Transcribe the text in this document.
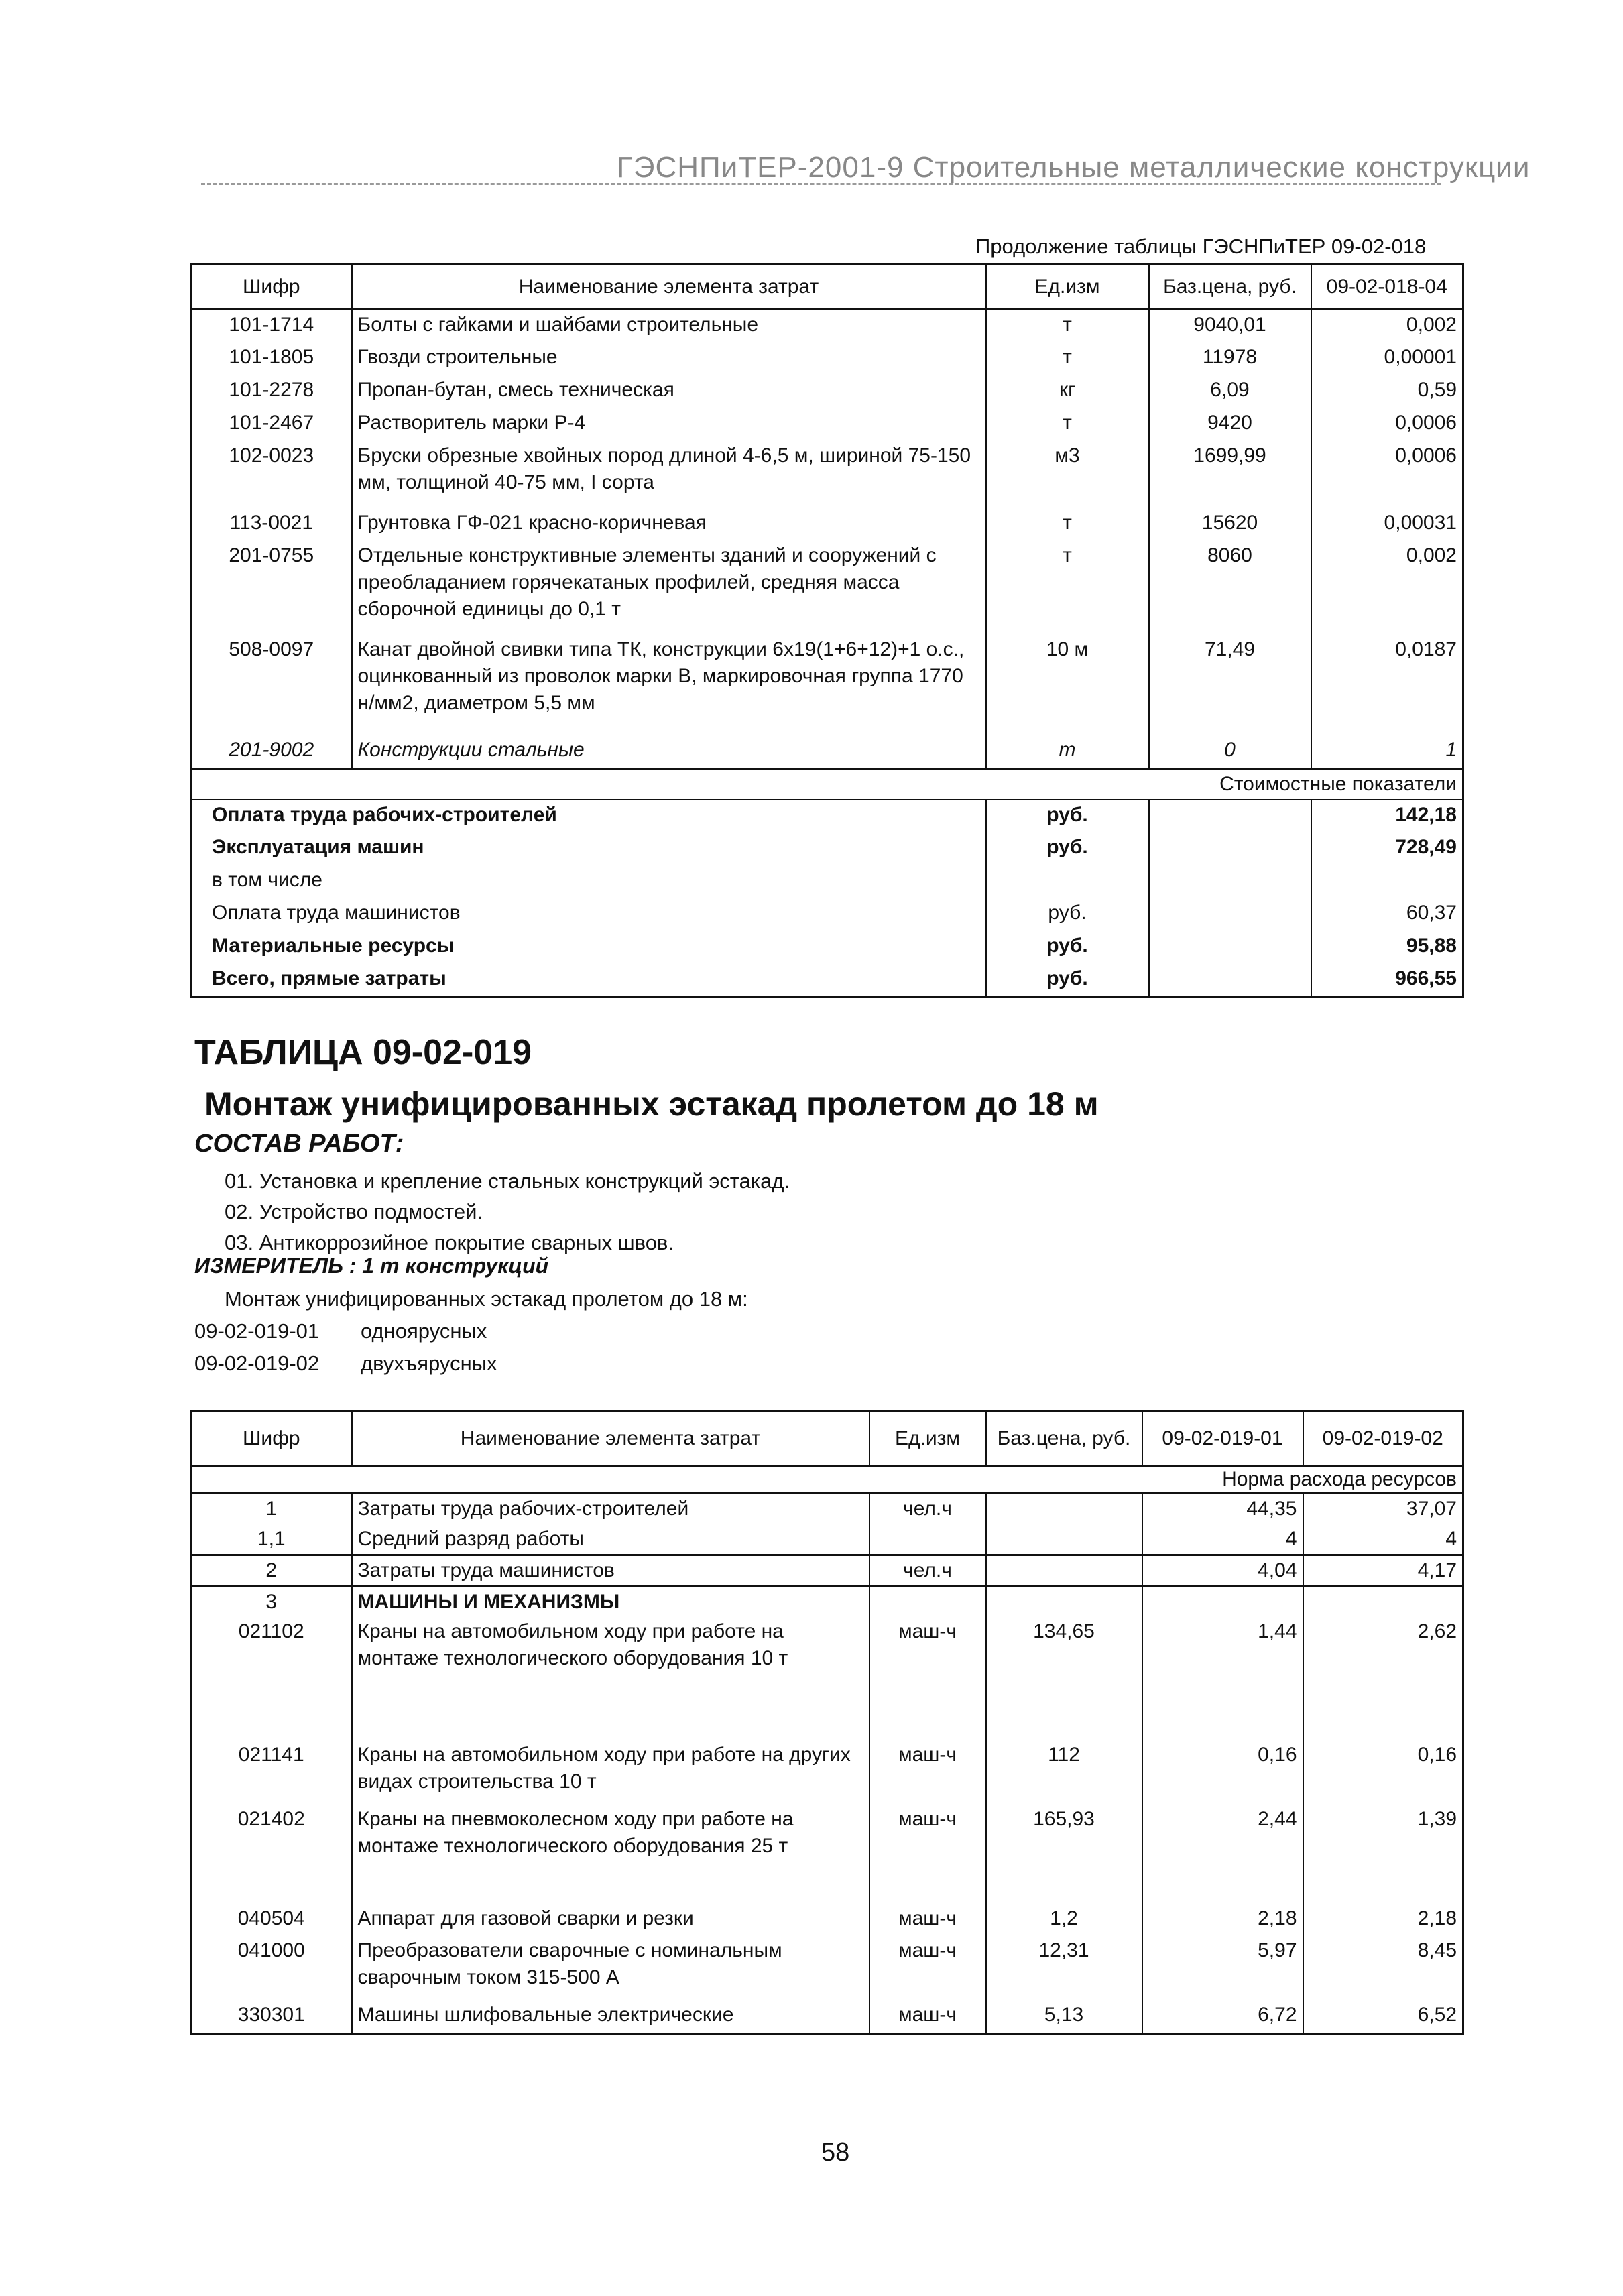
ГЭСНПиТЕР-2001-9 Строительные металлические конструкции
Продолжение таблицы ГЭСНПиТЕР 09-02-018
Шифр	Наименование элемента затрат	Ед.изм	Баз.цена, руб.	09-02-018-04
101-1714	Болты с гайками и шайбами строительные	т	9040,01	0,002
101-1805	Гвозди строительные	т	11978	0,00001
101-2278	Пропан-бутан, смесь техническая	кг	6,09	0,59
101-2467	Растворитель марки Р-4	т	9420	0,0006
102-0023	Бруски обрезные хвойных пород длиной 4-6,5 м, шириной 75-150 мм, толщиной 40-75 мм, I сорта	м3	1699,99	0,0006
113-0021	Грунтовка ГФ-021 красно-коричневая	т	15620	0,00031
201-0755	Отдельные конструктивные элементы зданий и сооружений с преобладанием горячекатаных профилей, средняя масса сборочной единицы до 0,1 т	т	8060	0,002
508-0097	Канат двойной свивки типа ТК, конструкции 6х19(1+6+12)+1 о.с., оцинкованный из проволок марки В, маркировочная группа 1770 н/мм2, диаметром 5,5 мм	10 м	71,49	0,0187
201-9002	Конструкции стальные	т	0	1
Стоимостные показатели				
Оплата труда рабочих-строителей		руб.		142,18
Эксплуатация машин		руб.		728,49
в том числе				
Оплата труда машинистов		руб.		60,37
Материальные ресурсы		руб.		95,88
Всего, прямые затраты		руб.		966,55
ТАБЛИЦА 09-02-019
Монтаж унифицированных эстакад пролетом до 18 м
СОСТАВ РАБОТ:
01. Установка и крепление стальных конструкций эстакад.
02. Устройство подмостей.
03. Антикоррозийное покрытие сварных швов.
ИЗМЕРИТЕЛЬ : 1 т конструкций
Монтаж унифицированных эстакад пролетом до 18 м:
09-02-019-01 одноярусных
09-02-019-02 двухъярусных
Шифр	Наименование элемента затрат	Ед.изм	Баз.цена, руб.	09-02-019-01	09-02-019-02
Норма расхода ресурсов					
1	Затраты труда рабочих-строителей	чел.ч		44,35	37,07
1,1	Средний разряд работы			4	4
2	Затраты труда машинистов	чел.ч		4,04	4,17
3	МАШИНЫ И МЕХАНИЗМЫ				
021102	Краны на автомобильном ходу при работе на монтаже технологического оборудования 10 т	маш-ч	134,65	1,44	2,62
021141	Краны на автомобильном ходу при работе на других видах строительства 10 т	маш-ч	112	0,16	0,16
021402	Краны на пневмоколесном ходу при работе на монтаже технологического оборудования 25 т	маш-ч	165,93	2,44	1,39
040504	Аппарат для газовой сварки и резки	маш-ч	1,2	2,18	2,18
041000	Преобразователи сварочные с номинальным сварочным током 315-500 А	маш-ч	12,31	5,97	8,45
330301	Машины шлифовальные электрические	маш-ч	5,13	6,72	6,52
58
